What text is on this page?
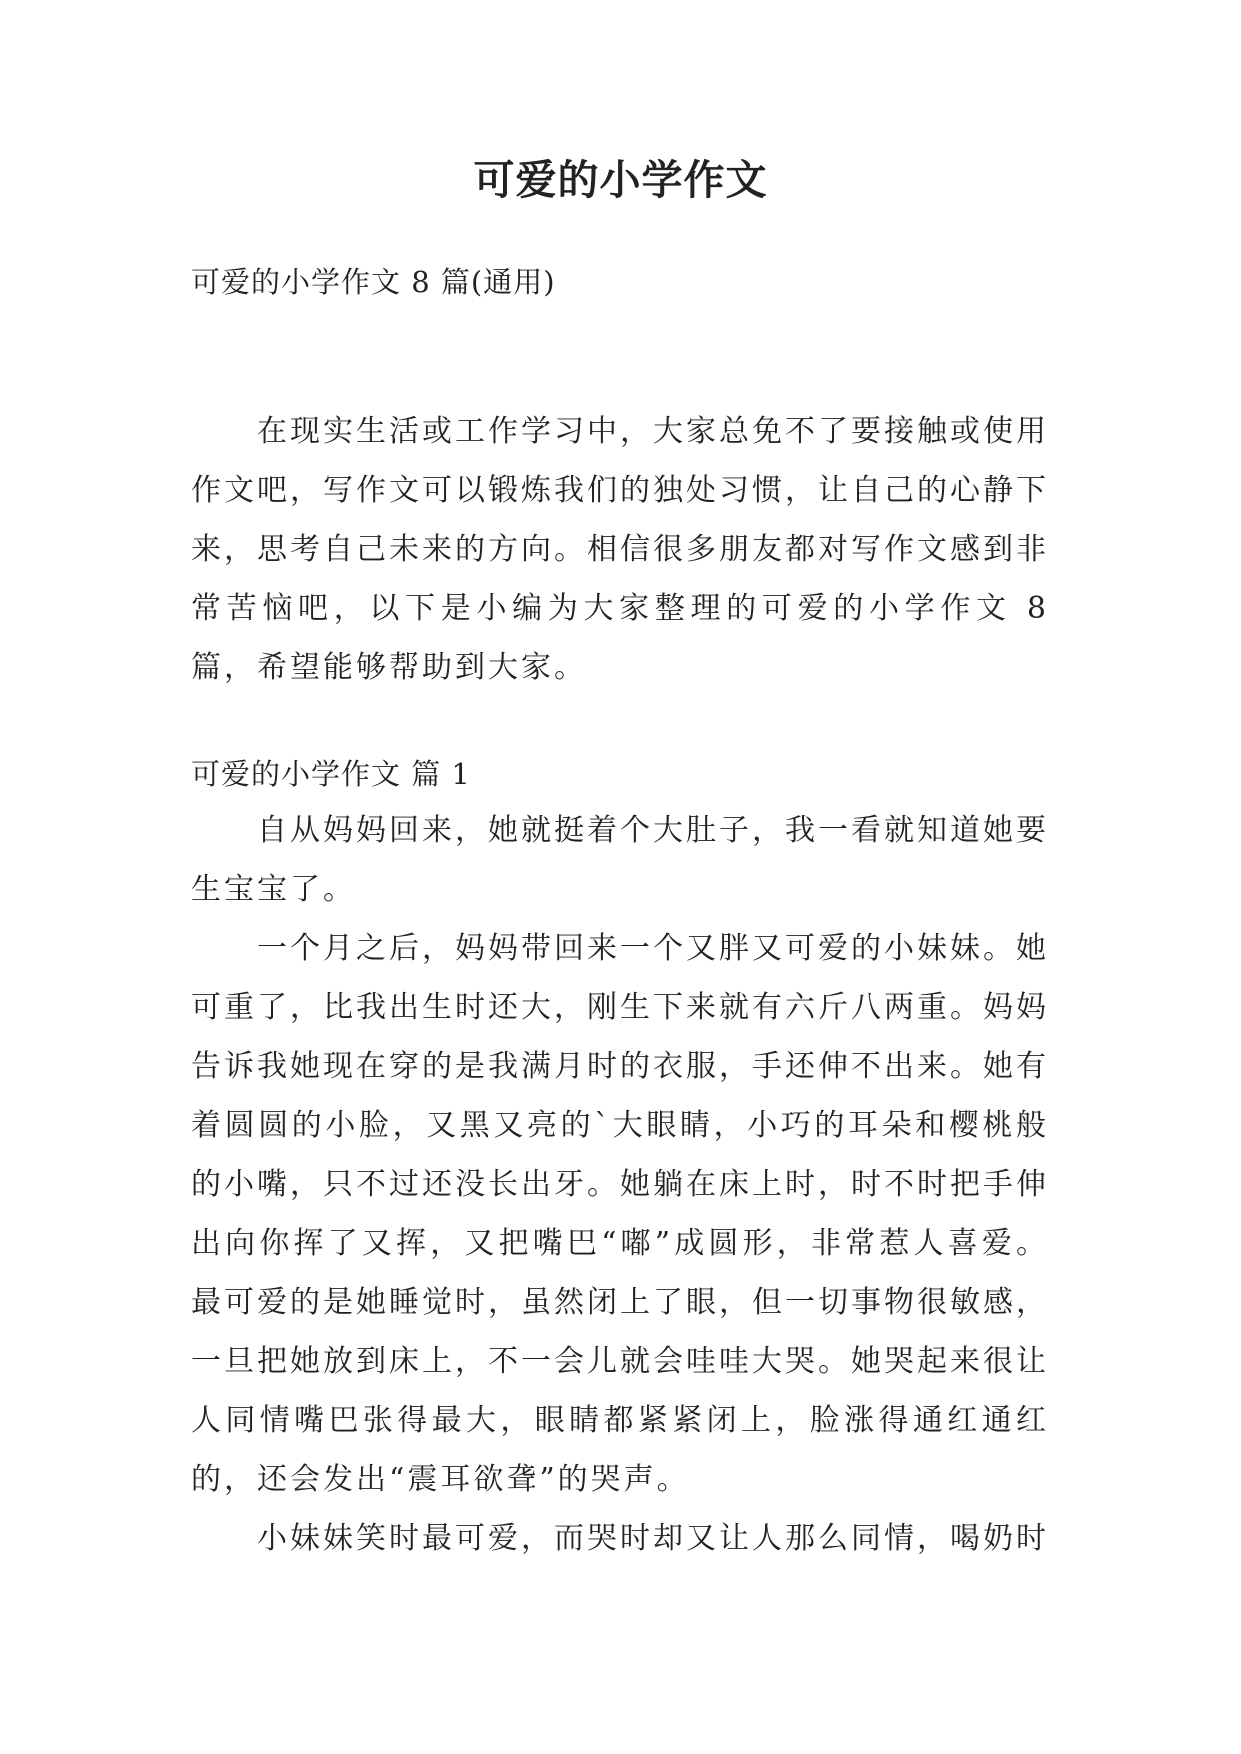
可爱的小学作文

可爱的小学作文 8 篇(通用)

在现实生活或工作学习中，大家总免不了要接触或使用作文吧，写作文可以锻炼我们的独处习惯，让自己的心静下来，思考自己未来的方向。相信很多朋友都对写作文感到非常苦恼吧，以下是小编为大家整理的可爱的小学作文 8 篇，希望能够帮助到大家。

可爱的小学作文 篇 1

自从妈妈回来，她就挺着个大肚子，我一看就知道她要生宝宝了。

一个月之后，妈妈带回来一个又胖又可爱的小妹妹。她可重了，比我出生时还大，刚生下来就有六斤八两重。妈妈告诉我她现在穿的是我满月时的衣服，手还伸不出来。她有着圆圆的小脸，又黑又亮的`大眼睛，小巧的耳朵和樱桃般的小嘴，只不过还没长出牙。她躺在床上时，时不时把手伸出向你挥了又挥，又把嘴巴“嘟”成圆形，非常惹人喜爱。最可爱的是她睡觉时，虽然闭上了眼，但一切事物很敏感，一旦把她放到床上，不一会儿就会哇哇大哭。她哭起来很让人同情嘴巴张得最大，眼睛都紧紧闭上，脸涨得通红通红的，还会发出“震耳欲聋”的哭声。

小妹妹笑时最可爱，而哭时却又让人那么同情，喝奶时
